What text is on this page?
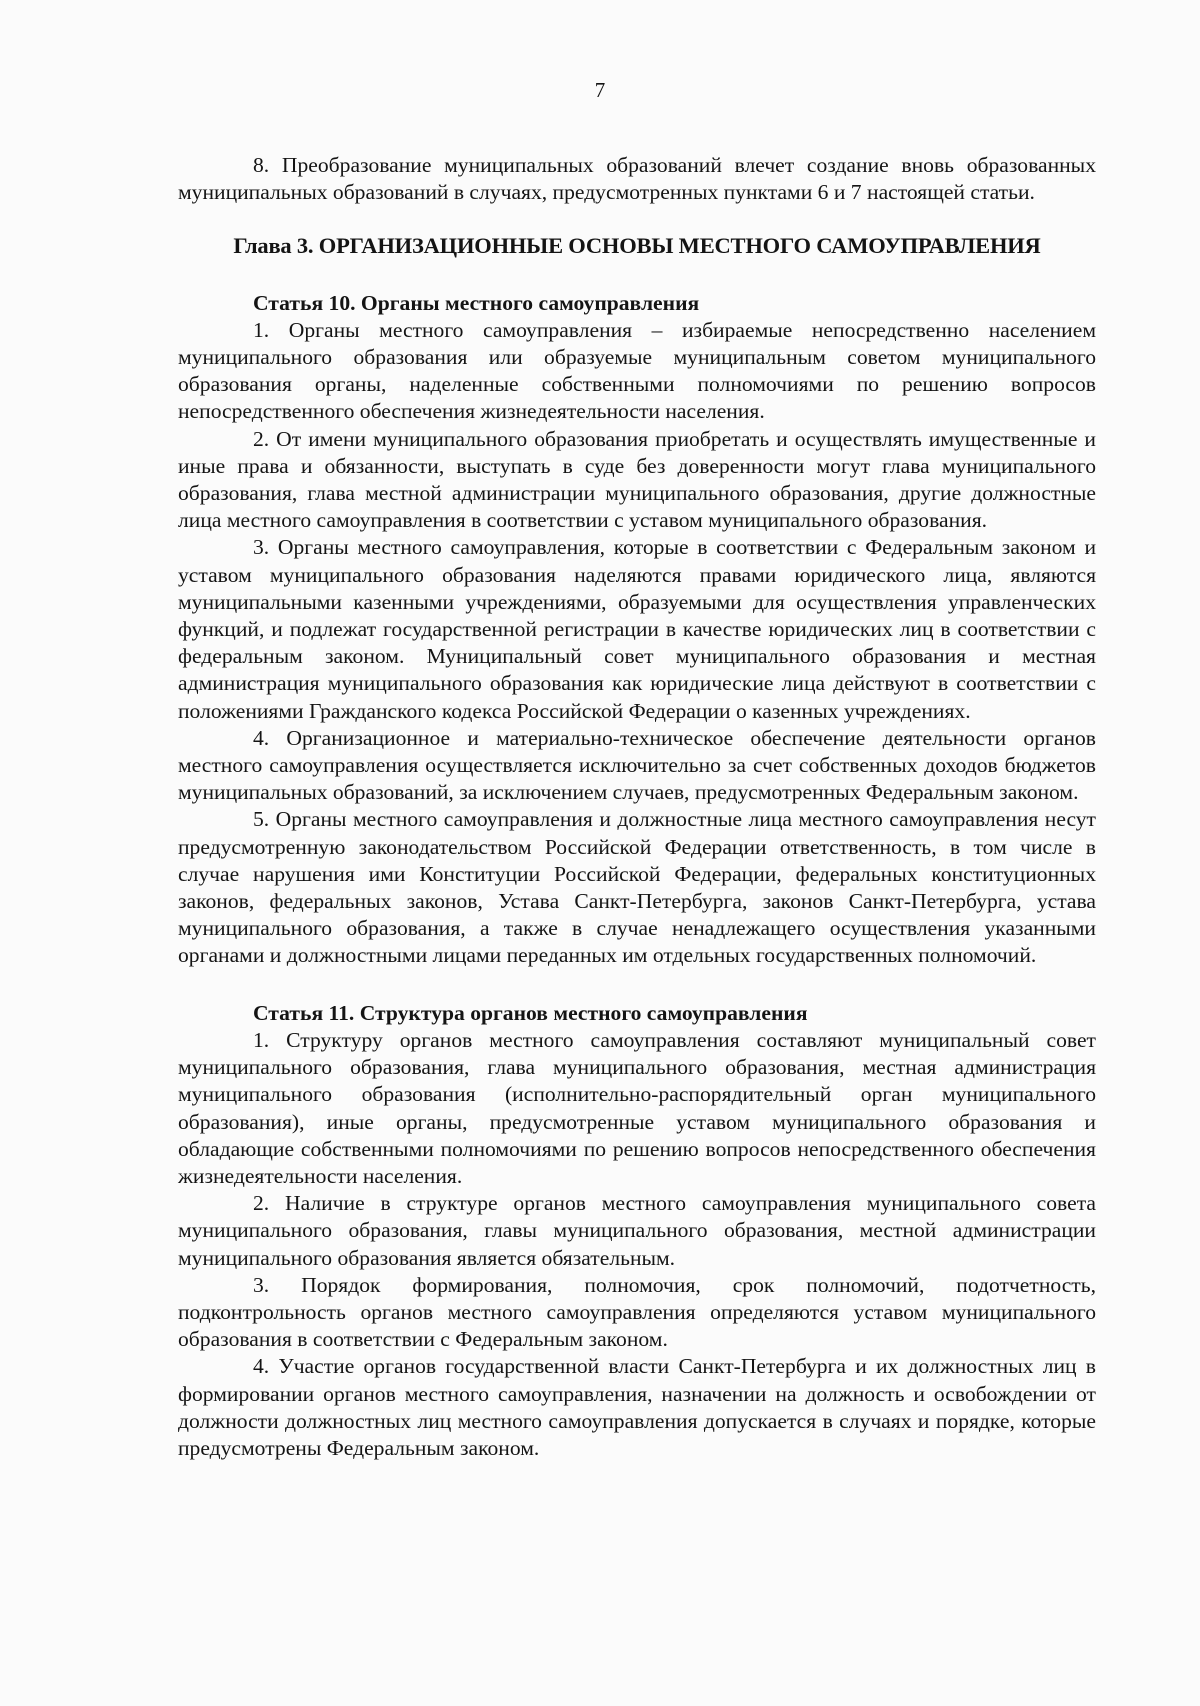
7

8. Преобразование муниципальных образований влечет создание вновь образованных муниципальных образований в случаях, предусмотренных пунктами 6 и 7 настоящей статьи.

Глава 3. ОРГАНИЗАЦИОННЫЕ ОСНОВЫ МЕСТНОГО САМОУПРАВЛЕНИЯ

Статья 10. Органы местного самоуправления

1. Органы местного самоуправления – избираемые непосредственно населением муниципального образования или образуемые муниципальным советом муниципального образования органы, наделенные собственными полномочиями по решению вопросов непосредственного обеспечения жизнедеятельности населения.

2. От имени муниципального образования приобретать и осуществлять имущественные и иные права и обязанности, выступать в суде без доверенности могут глава муниципального образования, глава местной администрации муниципального образования, другие должностные лица местного самоуправления в соответствии с уставом муниципального образования.

3. Органы местного самоуправления, которые в соответствии с Федеральным законом и уставом муниципального образования наделяются правами юридического лица, являются муниципальными казенными учреждениями, образуемыми для осуществления управленческих функций, и подлежат государственной регистрации в качестве юридических лиц в соответствии с федеральным законом. Муниципальный совет муниципального образования и местная администрация муниципального образования как юридические лица действуют в соответствии с положениями Гражданского кодекса Российской Федерации о казенных учреждениях.

4. Организационное и материально-техническое обеспечение деятельности органов местного самоуправления осуществляется исключительно за счет собственных доходов бюджетов муниципальных образований, за исключением случаев, предусмотренных Федеральным законом.

5. Органы местного самоуправления и должностные лица местного самоуправления несут предусмотренную законодательством Российской Федерации ответственность, в том числе в случае нарушения ими Конституции Российской Федерации, федеральных конституционных законов, федеральных законов, Устава Санкт-Петербурга, законов Санкт-Петербурга, устава муниципального образования, а также в случае ненадлежащего осуществления указанными органами и должностными лицами переданных им отдельных государственных полномочий.

Статья 11. Структура органов местного самоуправления

1. Структуру органов местного самоуправления составляют муниципальный совет муниципального образования, глава муниципального образования, местная администрация муниципального образования (исполнительно-распорядительный орган муниципального образования), иные органы, предусмотренные уставом муниципального образования и обладающие собственными полномочиями по решению вопросов непосредственного обеспечения жизнедеятельности населения.

2. Наличие в структуре органов местного самоуправления муниципального совета муниципального образования, главы муниципального образования, местной администрации муниципального образования является обязательным.

3. Порядок формирования, полномочия, срок полномочий, подотчетность, подконтрольность органов местного самоуправления определяются уставом муниципального образования в соответствии с Федеральным законом.

4. Участие органов государственной власти Санкт-Петербурга и их должностных лиц в формировании органов местного самоуправления, назначении на должность и освобождении от должности должностных лиц местного самоуправления допускается в случаях и порядке, которые предусмотрены Федеральным законом.
